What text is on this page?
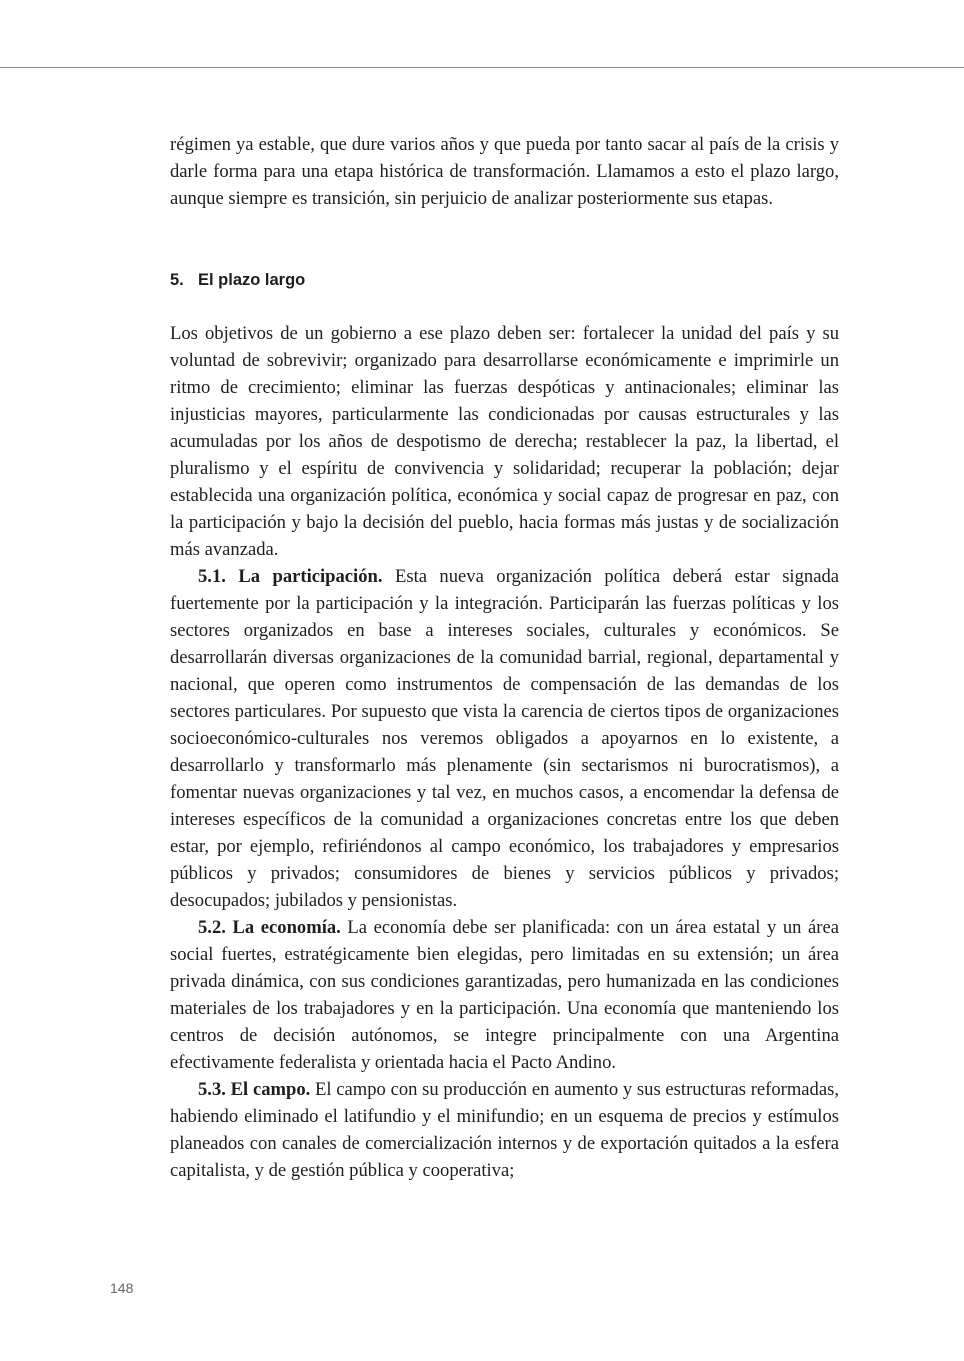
régimen ya estable, que dure varios años y que pueda por tanto sacar al país de la crisis y darle forma para una etapa histórica de transformación. Llamamos a esto el plazo largo, aunque siempre es transición, sin perjuicio de analizar posteriormente sus etapas.

5. El plazo largo

Los objetivos de un gobierno a ese plazo deben ser: fortalecer la unidad del país y su voluntad de sobrevivir; organizado para desarrollarse económicamente e imprimirle un ritmo de crecimiento; eliminar las fuerzas despóticas y antinacionales; eliminar las injusticias mayores, particularmente las condicionadas por causas estructurales y las acumuladas por los años de despotismo de derecha; restablecer la paz, la libertad, el pluralismo y el espíritu de convivencia y solidaridad; recuperar la población; dejar establecida una organización política, económica y social capaz de progresar en paz, con la participación y bajo la decisión del pueblo, hacia formas más justas y de socialización más avanzada.

5.1. La participación. Esta nueva organización política deberá estar signada fuertemente por la participación y la integración. Participarán las fuerzas políticas y los sectores organizados en base a intereses sociales, culturales y económicos. Se desarrollarán diversas organizaciones de la comunidad barrial, regional, departamental y nacional, que operen como instrumentos de compensación de las demandas de los sectores particulares. Por supuesto que vista la carencia de ciertos tipos de organizaciones socioeconómico-culturales nos veremos obligados a apoyarnos en lo existente, a desarrollarlo y transformarlo más plenamente (sin sectarismos ni burocratismos), a fomentar nuevas organizaciones y tal vez, en muchos casos, a encomendar la defensa de intereses específicos de la comunidad a organizaciones concretas entre los que deben estar, por ejemplo, refiriéndonos al campo económico, los trabajadores y empresarios públicos y privados; consumidores de bienes y servicios públicos y privados; desocupados; jubilados y pensionistas.

5.2. La economía. La economía debe ser planificada: con un área estatal y un área social fuertes, estratégicamente bien elegidas, pero limitadas en su extensión; un área privada dinámica, con sus condiciones garantizadas, pero humanizada en las condiciones materiales de los trabajadores y en la participación. Una economía que manteniendo los centros de decisión autónomos, se integre principalmente con una Argentina efectivamente federalista y orientada hacia el Pacto Andino.

5.3. El campo. El campo con su producción en aumento y sus estructuras reformadas, habiendo eliminado el latifundio y el minifundio; en un esquema de precios y estímulos planeados con canales de comercialización internos y de exportación quitados a la esfera capitalista, y de gestión pública y cooperativa;

148
